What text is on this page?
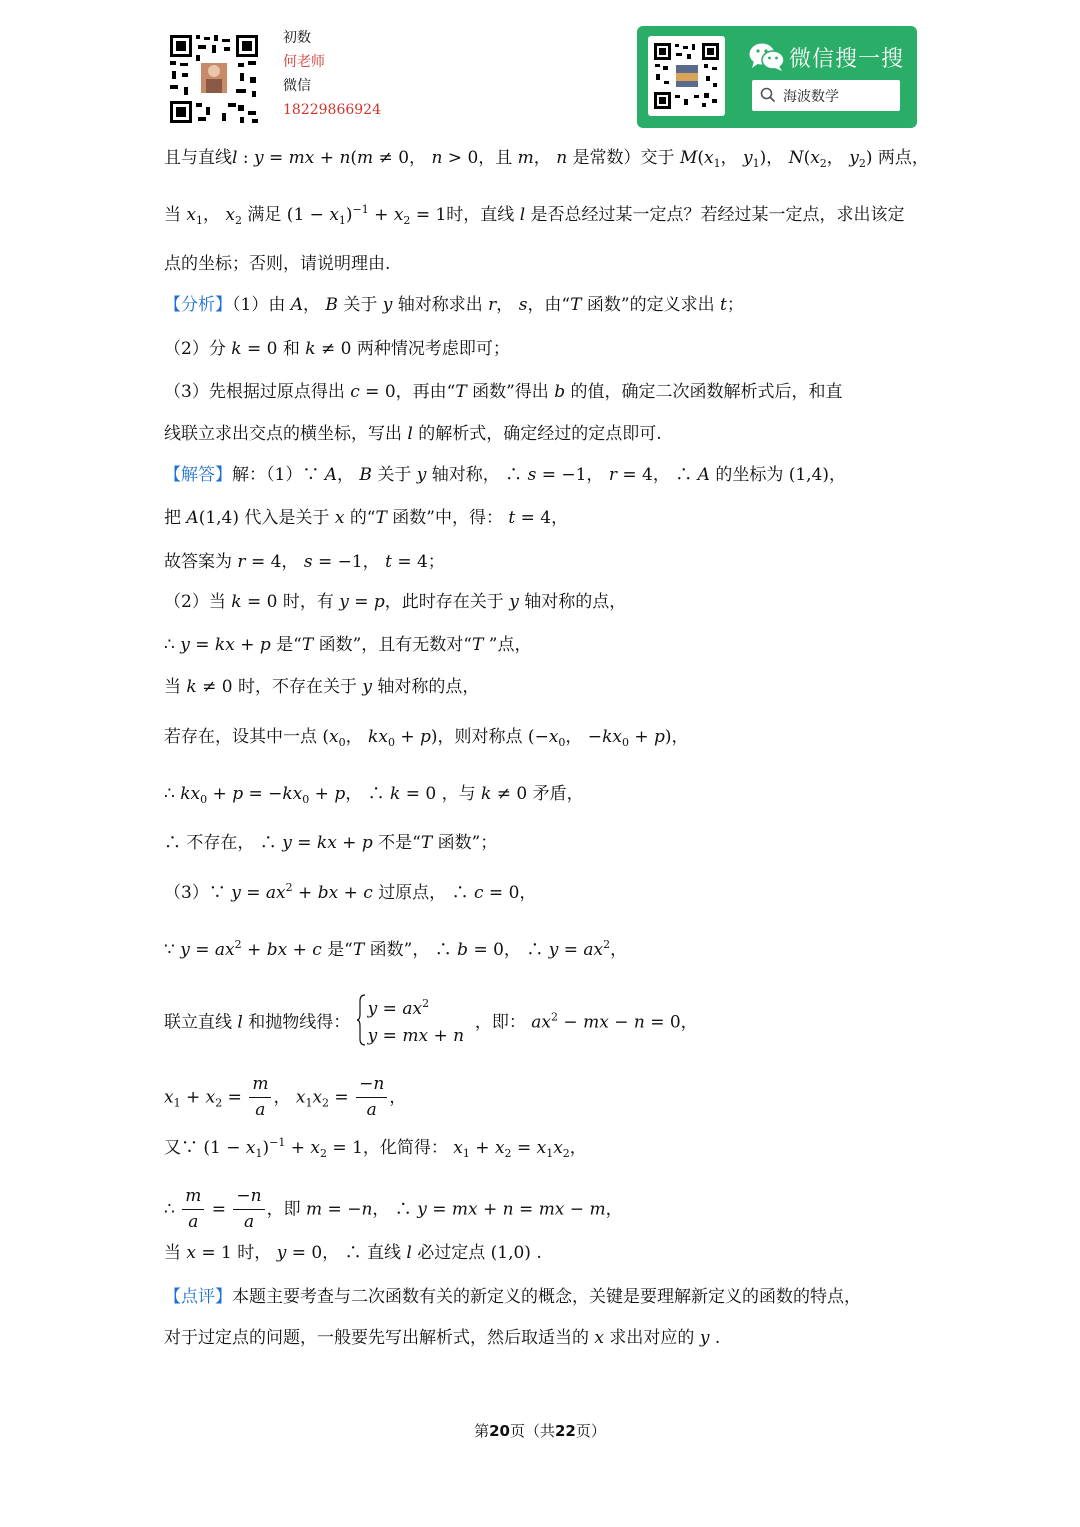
初数
何老师
微信
18229866924
微信搜一搜
海波数学
且与直线l : y = mx + n(m ≠ 0， n > 0，且 m， n 是常数）交于 $M(x_1$， $y_1$)， $N(x_2$， $y_2$) 两点，
当 $x_1$， $x_2$ 满足 $(1 - x_1)^{-1} + x_2 = 1$时，直线 l 是否总经过某一定点？若经过某一定点，求出该定
点的坐标；否则，请说明理由.
【分析】（1）由 A， B 关于 y 轴对称求出 r， s，由“T 函数”的定义求出 t；
（2）分 k = 0 和 k ≠ 0 两种情况考虑即可；
（3）先根据过原点得出 c = 0，再由“T 函数”得出 b 的值，确定二次函数解析式后，和直
线联立求出交点的横坐标，写出 l 的解析式，确定经过的定点即可.
【解答】解：（1）∵ A， B 关于 y 轴对称， ∴ s = −1， r = 4， ∴ A 的坐标为 (1,4)，
把 A(1,4) 代入是关于 x 的“T 函数”中，得： t = 4，
故答案为 r = 4， s = −1， t = 4；
（2）当 k = 0 时，有 y = p，此时存在关于 y 轴对称的点，
∴ y = kx + p 是“T 函数”，且有无数对“T ”点，
当 k ≠ 0 时，不存在关于 y 轴对称的点，
若存在，设其中一点 ($x_0$， $kx_0 + p$)，则对称点 ($-x_0$， $-kx_0 + p$)，
∴ $kx_0 + p = -kx_0 + p$， ∴ k = 0 ，与 k ≠ 0 矛盾，
∴ 不存在， ∴ y = kx + p 不是“T 函数”；
（3）∵ $y = ax^2$ + bx + c 过原点， ∴ c = 0，
∵ $y = ax^2$ + bx + c 是“T 函数”， ∴ b = 0， ∴ $y = ax^2$，
联立直线 l 和抛物线得：
$y = ax^2$
y = mx + n
，即： $ax^2$ − mx − n = 0，
$x_1 + x_2 = \frac{m}{a}$ ， $x_1x_2 = \frac{-n}{a}$ ，
又∵ $(1 - x_1)^{-1} + x_2 = 1$，化简得： $x_1 + x_2 = x_1x_2$，
∴ $\frac{m}{a} = \frac{-n}{a}$ ，即 m = −n， ∴ y = mx + n = mx − m，
当 x = 1 时， y = 0， ∴ 直线 l 必过定点 (1,0) .
【点评】本题主要考查与二次函数有关的新定义的概念，关键是要理解新定义的函数的特点，
对于过定点的问题，一般要先写出解析式，然后取适当的 x 求出对应的 y .
第20页（共22页）
